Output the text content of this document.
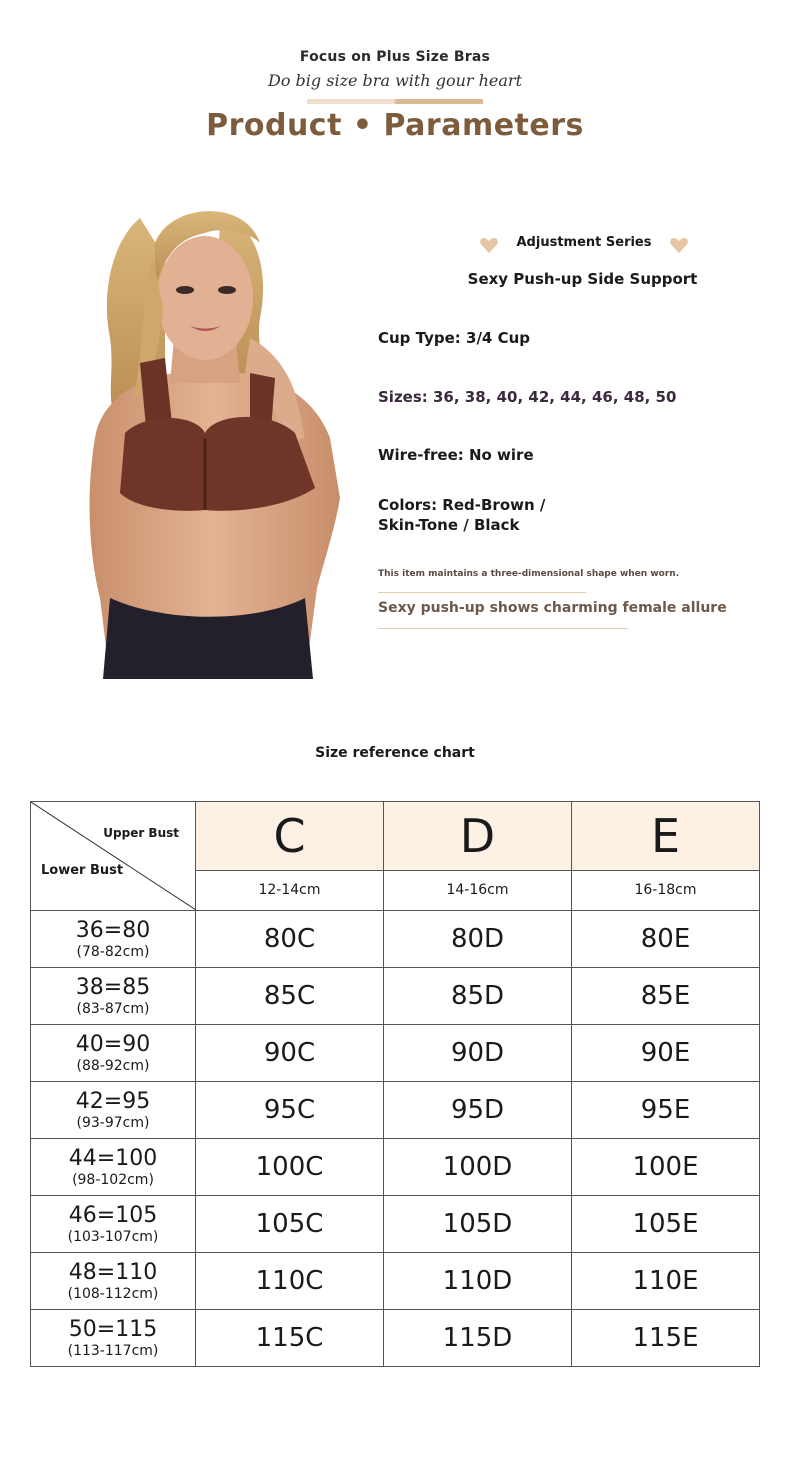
Focus on Plus Size Bras
Do big size bra with gour heart
Product • Parameters
Adjustment Series
Sexy Push-up Side Support
Cup Type: 3/4 Cup
Sizes: 36, 38, 40, 42, 44, 46, 48, 50
Wire-free: No wire
Colors: Red-Brown / Skin-Tone / Black
This item maintains a three-dimensional shape when worn.
Sexy push-up shows charming female allure
Size reference chart
Upper Bust
Lower Bust	C	D	E
	12-14cm	14-16cm	16-18cm

36=80
(78-82cm)	80C	80D	80E

38=85
(83-87cm)	85C	85D	85E

40=90
(88-92cm)	90C	90D	90E

42=95
(93-97cm)	95C	95D	95E

44=100
(98-102cm)	100C	100D	100E

46=105
(103-107cm)	105C	105D	105E

48=110
(108-112cm)	110C	110D	110E

50=115
(113-117cm)	115C	115D	115E
